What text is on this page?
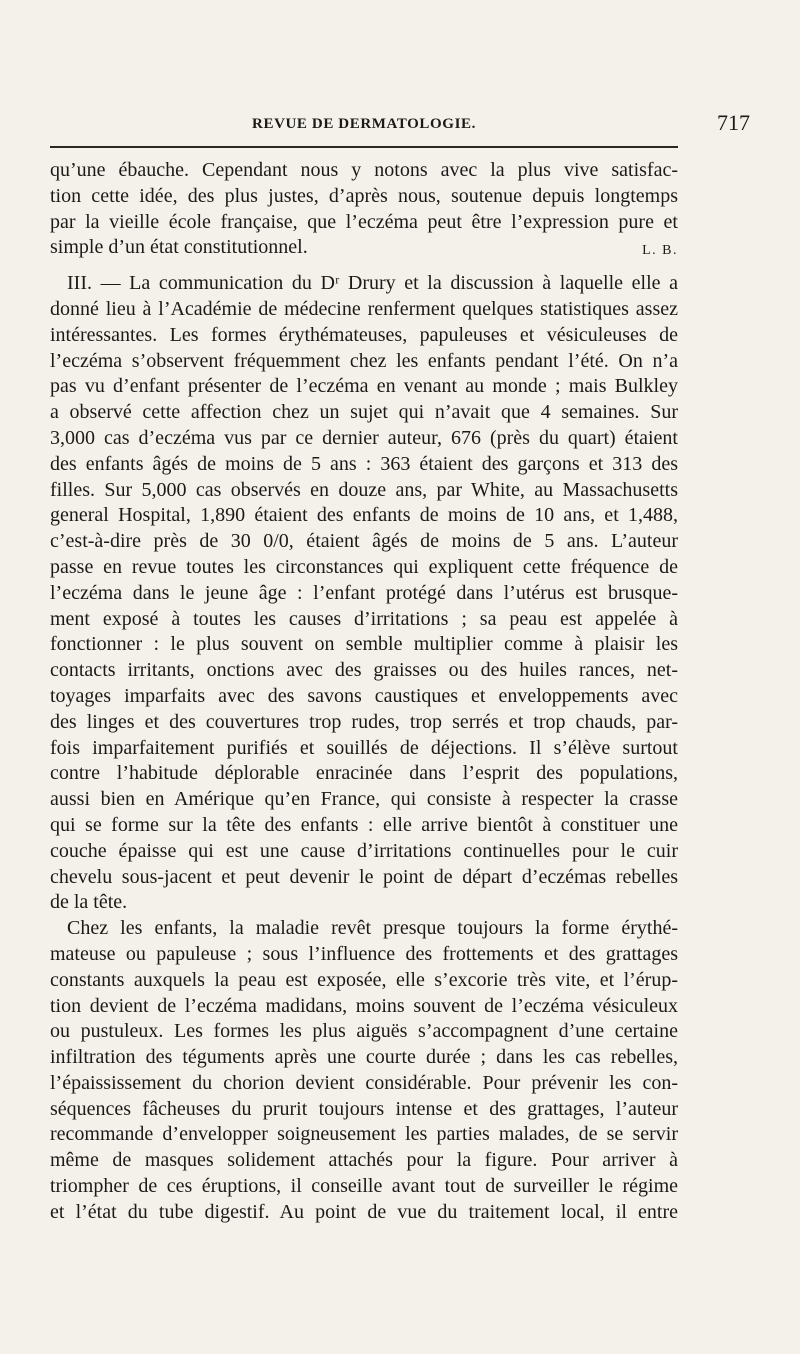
REVUE DE DERMATOLOGIE.	717
qu’une ébauche. Cependant nous y notons avec la plus vive satisfac-
tion cette idée, des plus justes, d’après nous, soutenue depuis longtemps
par la vieille école française, que l’eczéma peut être l’expression pure et
simple d’un état constitutionnel.	L. B.
III. — La communication du Dʳ Drury et la discussion à laquelle elle a
donné lieu à l’Académie de médecine renferment quelques statistiques assez
intéressantes. Les formes érythémateuses, papuleuses et vésiculeuses de
l’eczéma s’observent fréquemment chez les enfants pendant l’été. On n’a
pas vu d’enfant présenter de l’eczéma en venant au monde ; mais Bulkley
a observé cette affection chez un sujet qui n’avait que 4 semaines. Sur
3,000 cas d’eczéma vus par ce dernier auteur, 676 (près du quart) étaient
des enfants âgés de moins de 5 ans : 363 étaient des garçons et 313 des
filles. Sur 5,000 cas observés en douze ans, par White, au Massachusetts
general Hospital, 1,890 étaient des enfants de moins de 10 ans, et 1,488,
c’est-à-dire près de 30 0/0, étaient âgés de moins de 5 ans. L’auteur
passe en revue toutes les circonstances qui expliquent cette fréquence de
l’eczéma dans le jeune âge : l’enfant protégé dans l’utérus est brusque-
ment exposé à toutes les causes d’irritations ; sa peau est appelée à
fonctionner : le plus souvent on semble multiplier comme à plaisir les
contacts irritants, onctions avec des graisses ou des huiles rances, net-
toyages imparfaits avec des savons caustiques et enveloppements avec
des linges et des couvertures trop rudes, trop serrés et trop chauds, par-
fois imparfaitement purifiés et souillés de déjections. Il s’élève surtout
contre l’habitude déplorable enracinée dans l’esprit des populations,
aussi bien en Amérique qu’en France, qui consiste à respecter la crasse
qui se forme sur la tête des enfants : elle arrive bientôt à constituer une
couche épaisse qui est une cause d’irritations continuelles pour le cuir
chevelu sous-jacent et peut devenir le point de départ d’eczémas rebelles
de la tête.
Chez les enfants, la maladie revêt presque toujours la forme érythé-
mateuse ou papuleuse ; sous l’influence des frottements et des grattages
constants auxquels la peau est exposée, elle s’excorie très vite, et l’érup-
tion devient de l’eczéma madidans, moins souvent de l’eczéma vésiculeux
ou pustuleux. Les formes les plus aiguës s’accompagnent d’une certaine
infiltration des téguments après une courte durée ; dans les cas rebelles,
l’épaississement du chorion devient considérable. Pour prévenir les con-
séquences fâcheuses du prurit toujours intense et des grattages, l’auteur
recommande d’envelopper soigneusement les parties malades, de se servir
même de masques solidement attachés pour la figure. Pour arriver à
triompher de ces éruptions, il conseille avant tout de surveiller le régime
et l’état du tube digestif. Au point de vue du traitement local, il entre
